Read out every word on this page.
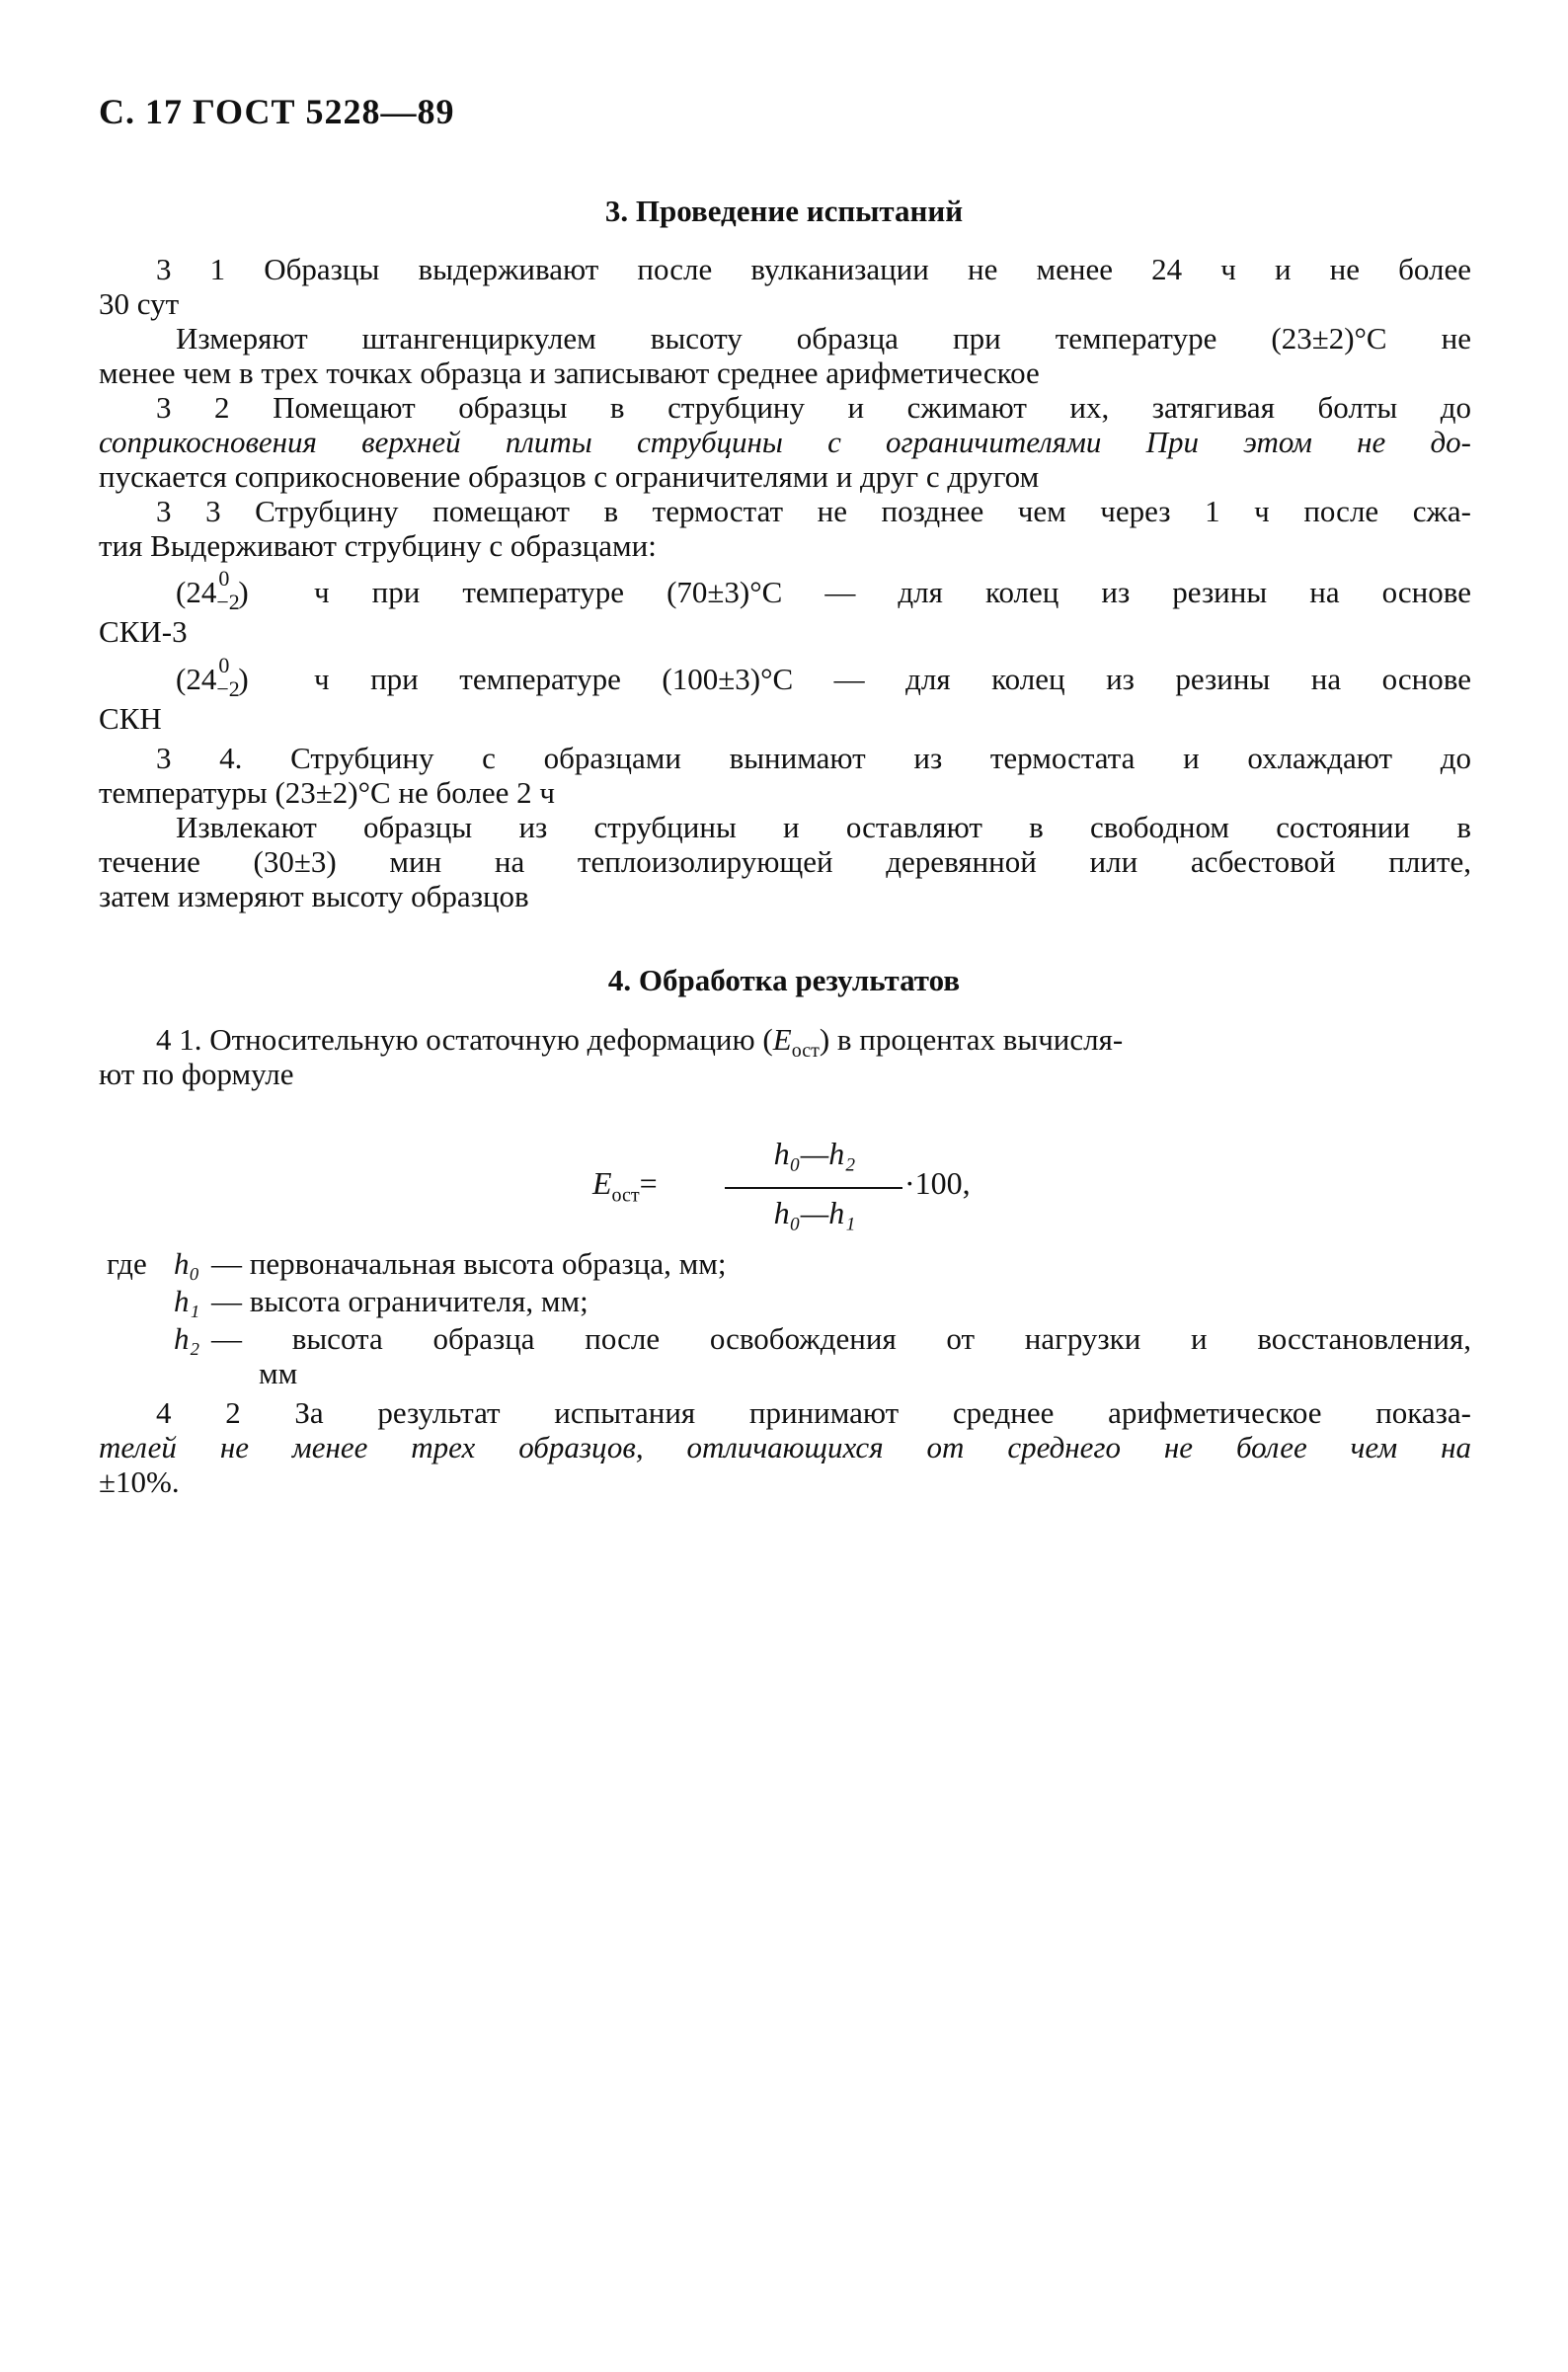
С. 17 ГОСТ 5228—89
3. Проведение испытаний
3 1 Образцы выдерживают после вулканизации не менее 24 ч и не более
30 сут
Измеряют штангенциркулем высоту образца при температуре (23±2)°С не
менее чем в трех точках образца и записывают среднее арифметическое
3 2 Помещают образцы в струбцину и сжимают их, затягивая болты до
соприкосновения верхней плиты струбцины с ограничителями При этом не до-
пускается соприкосновение образцов с ограничителями и друг с другом
3 3 Струбцину помещают в термостат не позднее чем через 1 ч после сжа-
тия Выдерживают струбцину с образцами:
(24 0
−2
) ч при температуре (70±3)°С — для колец из резины на основе
СКИ-3
(24 0
−2
) ч при температуре (100±3)°С — для колец из резины на основе
СКН
3 4. Струбцину с образцами вынимают из термостата и охлаждают до
температуры (23±2)°С не более 2 ч
Извлекают образцы из струбцины и оставляют в свободном состоянии в
течение (30±3) мин на теплоизолирующей деревянной или асбестовой плите,
затем измеряют высоту образцов
4. Обработка результатов
4 1. Относительную остаточную деформацию $(E_{ост})$ в процентах вычисля-
ют по формуле
$E_{ост}=$
h₀—h₂
h₀—h₁
·100,
где h₀ — первоначальная высота образца, мм;
h₁ — высота ограничителя, мм;
h₂ — высота образца после освобождения от нагрузки и восстановления,
мм
4 2 За результат испытания принимают среднее арифметическое показа-
телей не менее трех образцов, отличающихся от среднего не более чем на
±10%.
